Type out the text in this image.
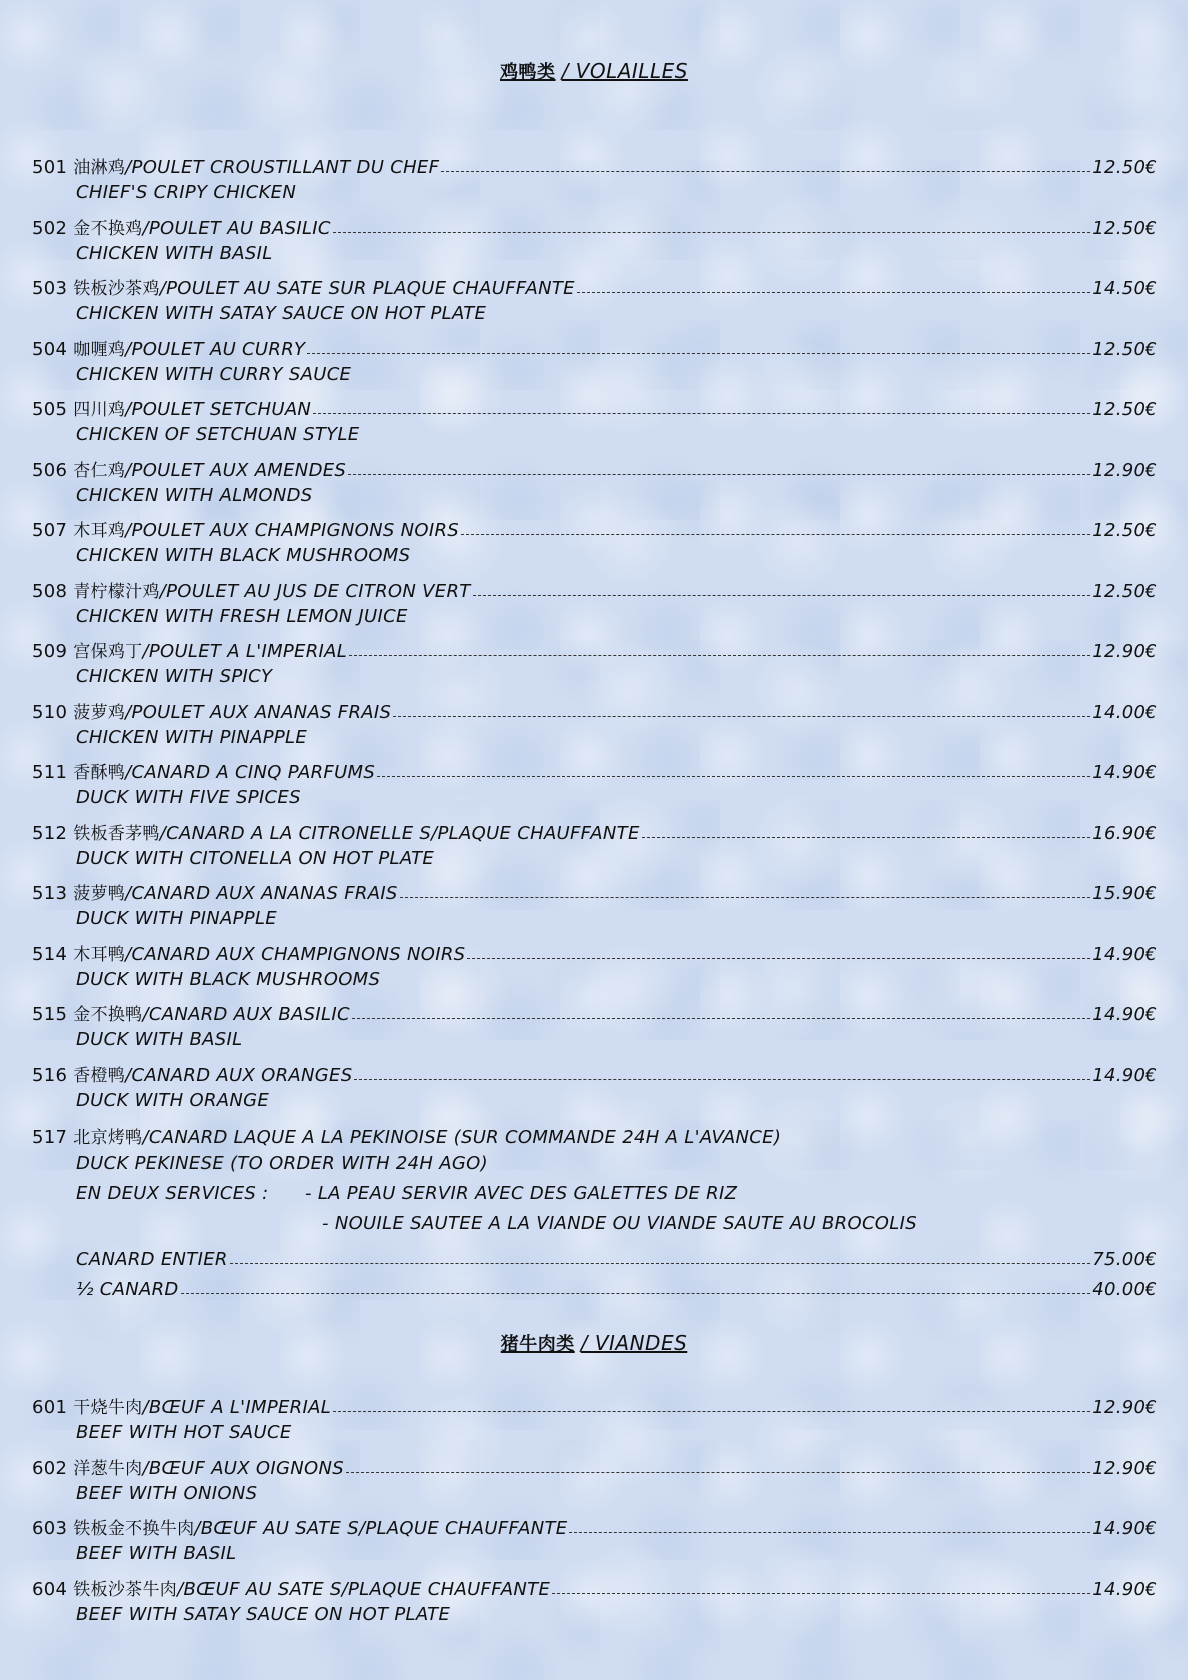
鸡鸭类 / VOLAILLES
501 油淋鸡 /POULET CROUSTILLANT DU CHEF	12.50€
CHIEF'S CRIPY CHICKEN
502 金不换鸡 /POULET AU BASILIC	12.50€
CHICKEN WITH BASIL
503 铁板沙茶鸡 /POULET AU SATE SUR PLAQUE CHAUFFANTE	14.50€
CHICKEN WITH SATAY SAUCE ON HOT PLATE
504 咖喱鸡 /POULET AU CURRY	12.50€
CHICKEN WITH CURRY SAUCE
505 四川鸡 /POULET SETCHUAN	12.50€
CHICKEN OF SETCHUAN STYLE
506 杏仁鸡 /POULET AUX AMENDES	12.90€
CHICKEN WITH ALMONDS
507 木耳鸡 /POULET AUX CHAMPIGNONS NOIRS	12.50€
CHICKEN WITH BLACK MUSHROOMS
508 青柠檬汁鸡 /POULET AU JUS DE CITRON VERT	12.50€
CHICKEN WITH FRESH LEMON JUICE
509 宫保鸡丁 /POULET A L'IMPERIAL	12.90€
CHICKEN WITH SPICY
510 菠萝鸡 /POULET AUX ANANAS FRAIS	14.00€
CHICKEN WITH PINAPPLE
511 香酥鸭 /CANARD A CINQ PARFUMS	14.90€
DUCK WITH FIVE SPICES
512 铁板香茅鸭 /CANARD A LA CITRONELLE S/PLAQUE CHAUFFANTE	16.90€
DUCK WITH CITONELLA ON HOT PLATE
513 菠萝鸭 /CANARD AUX ANANAS FRAIS	15.90€
DUCK WITH PINAPPLE
514 木耳鸭 /CANARD AUX CHAMPIGNONS NOIRS	14.90€
DUCK WITH BLACK MUSHROOMS
515 金不换鸭 /CANARD AUX BASILIC	14.90€
DUCK WITH BASIL
516 香橙鸭 /CANARD AUX ORANGES	14.90€
DUCK WITH ORANGE
517 北京烤鸭 /CANARD LAQUE A LA PEKINOISE (SUR COMMANDE 24H A L'AVANCE)
DUCK PEKINESE (TO ORDER WITH 24H AGO)
EN DEUX SERVICES : - LA PEAU SERVIR AVEC DES GALETTES DE RIZ
- NOUILE SAUTEE A LA VIANDE OU VIANDE SAUTE AU BROCOLIS
CANARD ENTIER	75.00€
½ CANARD	40.00€
猪牛肉类 / VIANDES
601 干烧牛肉 /BŒUF A L'IMPERIAL	12.90€
BEEF WITH HOT SAUCE
602 洋葱牛肉 /BŒUF AUX OIGNONS	12.90€
BEEF WITH ONIONS
603 铁板金不换牛肉 /BŒUF AU SATE S/PLAQUE CHAUFFANTE	14.90€
BEEF WITH BASIL
604 铁板沙茶牛肉 /BŒUF AU SATE S/PLAQUE CHAUFFANTE	14.90€
BEEF WITH SATAY SAUCE ON HOT PLATE
